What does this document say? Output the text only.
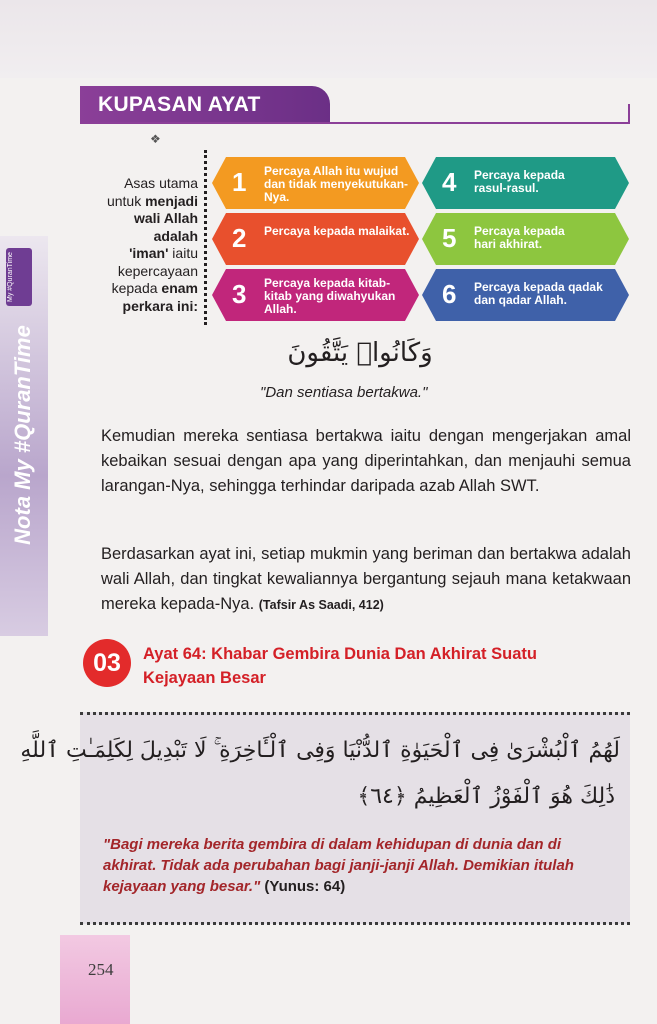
My #QuranTime
Nota My #QuranTime
KUPASAN AYAT
❖
Asas utama
untuk menjadi
wali Allah adalah
'iman' iaitu
kepercayaan
kepada enam
perkara ini:
1 Percaya Allah itu wujud dan tidak menyekutukan-Nya.
2 Percaya kepada malaikat.
3 Percaya kepada kitab-kitab yang diwahyukan Allah.
4 Percaya kepada rasul-rasul.
5 Percaya kepada hari akhirat.
6 Percaya kepada qadak dan qadar Allah.
وَكَانُوا۟ يَتَّقُونَ
"Dan sentiasa bertakwa."
Kemudian mereka sentiasa bertakwa iaitu dengan mengerjakan amal kebaikan sesuai dengan apa yang diperintahkan, dan menjauhi semua larangan-Nya, sehingga terhindar daripada azab Allah SWT.
Berdasarkan ayat ini, setiap mukmin yang beriman dan bertakwa adalah wali Allah, dan tingkat kewaliannya bergantung sejauh mana ketakwaan mereka kepada-Nya. (Tafsir As Saadi, 412)
03	Ayat 64: Khabar Gembira Dunia Dan Akhirat Suatu Kejayaan Besar
لَهُمُ ٱلْبُشْرَىٰ فِى ٱلْحَيَوٰةِ ٱلدُّنْيَا وَفِى ٱلْـَٔاخِرَةِ ۚ لَا تَبْدِيلَ لِكَلِمَـٰتِ ٱللَّهِ
ذَٰلِكَ هُوَ ٱلْفَوْزُ ٱلْعَظِيمُ ﴿٦٤﴾
"Bagi mereka berita gembira di dalam kehidupan di dunia dan di akhirat. Tidak ada perubahan bagi janji-janji Allah. Demikian itulah kejayaan yang besar." (Yunus: 64)
254
